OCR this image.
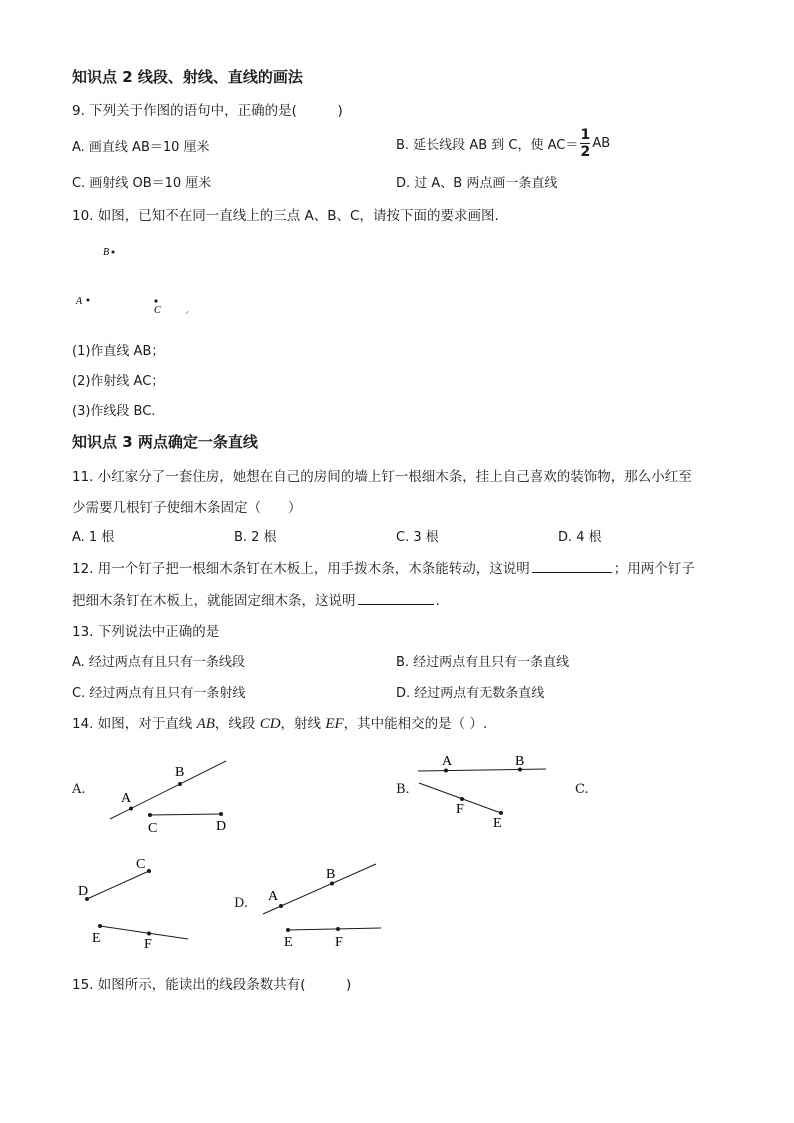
知识点 2 线段、射线、直线的画法
9. 下列关于作图的语句中，正确的是(　　　)
A. 画直线 AB＝10 厘米	B. 延长线段 AB 到 C，使 $AC= \frac{1}{2}$ AB
C. 画射线 OB＝10 厘米	D. 过 A、B 两点画一条直线
10. 如图，已知不在同一直线上的三点 A、B、C，请按下面的要求画图.
B
A
C
(1)作直线 AB；
(2)作射线 AC；
(3)作线段 BC.
知识点 3 两点确定一条直线
11. 小红家分了一套住房，她想在自己的房间的墙上钉一根细木条，挂上自己喜欢的装饰物，那么小红至
少需要几根钉子使细木条固定（　　）
A. 1 根	B. 2 根	C. 3 根	D. 4 根
12. 用一个钉子把一根细木条钉在木板上，用手拨木条，木条能转动，这说明	；用两个钉子
把细木条钉在木板上，就能固定细木条，这说明	.
13. 下列说法中正确的是
A. 经过两点有且只有一条线段	B. 经过两点有且只有一条直线
C. 经过两点有且只有一条射线	D. 经过两点有无数条直线
14. 如图，对于直线 AB，线段 CD，射线 EF，其中能相交的是（ ）.
A.	B.	C.
D.
A
B
C	D
A	B
F
E
D
C
E	F
A
B
E	F
15. 如图所示，能读出的线段条数共有(　　　)
